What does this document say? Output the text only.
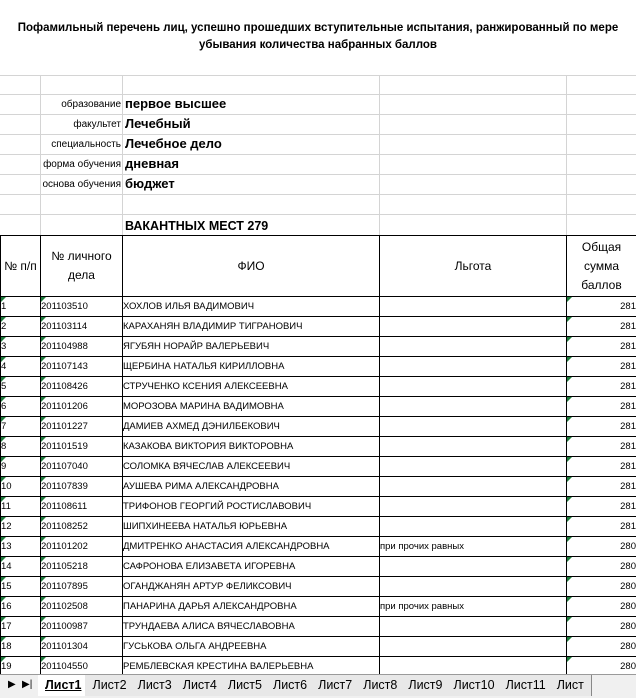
Пофамильный перечень лиц, успешно прошедших вступительные испытания, ранжированный по мере убывания количества набранных баллов
образование первое высшее
факультет Лечебный
специальность Лечебное дело
форма обучения дневная
основа обучения бюджет
ВАКАНТНЫХ МЕСТ 279
№ п/п	№ личного дела	ФИО	Льгота	Общая сумма баллов

1	201103510	ХОХЛОВ ИЛЬЯ ВАДИМОВИЧ		281

2	201103114	КАРАХАНЯН ВЛАДИМИР ТИГРАНОВИЧ		281

3	201104988	ЯГУБЯН НОРАЙР ВАЛЕРЬЕВИЧ		281

4	201107143	ЩЕРБИНА НАТАЛЬЯ КИРИЛЛОВНА		281

5	201108426	СТРУЧЕНКО КСЕНИЯ АЛЕКСЕЕВНА		281

6	201101206	МОРОЗОВА МАРИНА ВАДИМОВНА		281

7	201101227	ДАМИЕВ АХМЕД ДЭНИЛБЕКОВИЧ		281

8	201101519	КАЗАКОВА ВИКТОРИЯ ВИКТОРОВНА		281

9	201107040	СОЛОМКА ВЯЧЕСЛАВ АЛЕКСЕЕВИЧ		281

10	201107839	АУШЕВА РИМА АЛЕКСАНДРОВНА		281

11	201108611	ТРИФОНОВ ГЕОРГИЙ РОСТИСЛАВОВИЧ		281

12	201108252	ШИПХИНЕЕВА НАТАЛЬЯ ЮРЬЕВНА		281

13	201101202	ДМИТРЕНКО АНАСТАСИЯ АЛЕКСАНДРОВНА	при прочих равных	280

14	201105218	САФРОНОВА ЕЛИЗАВЕТА ИГОРЕВНА		280

15	201107895	ОГАНДЖАНЯН АРТУР ФЕЛИКСОВИЧ		280

16	201102508	ПАНАРИНА ДАРЬЯ АЛЕКСАНДРОВНА	при прочих равных	280

17	201100987	ТРУНДАЕВА АЛИСА ВЯЧЕСЛАВОВНА		280

18	201101304	ГУСЬКОВА ОЛЬГА АНДРЕЕВНА		280

19	201104550	РЕМБЛЕВСКАЯ КРЕСТИНА ВАЛЕРЬЕВНА		280
▶ ▶|	Лист1 Лист2 Лист3 Лист4 Лист5 Лист6 Лист7 Лист8 Лист9 Лист10 Лист11 Лист
